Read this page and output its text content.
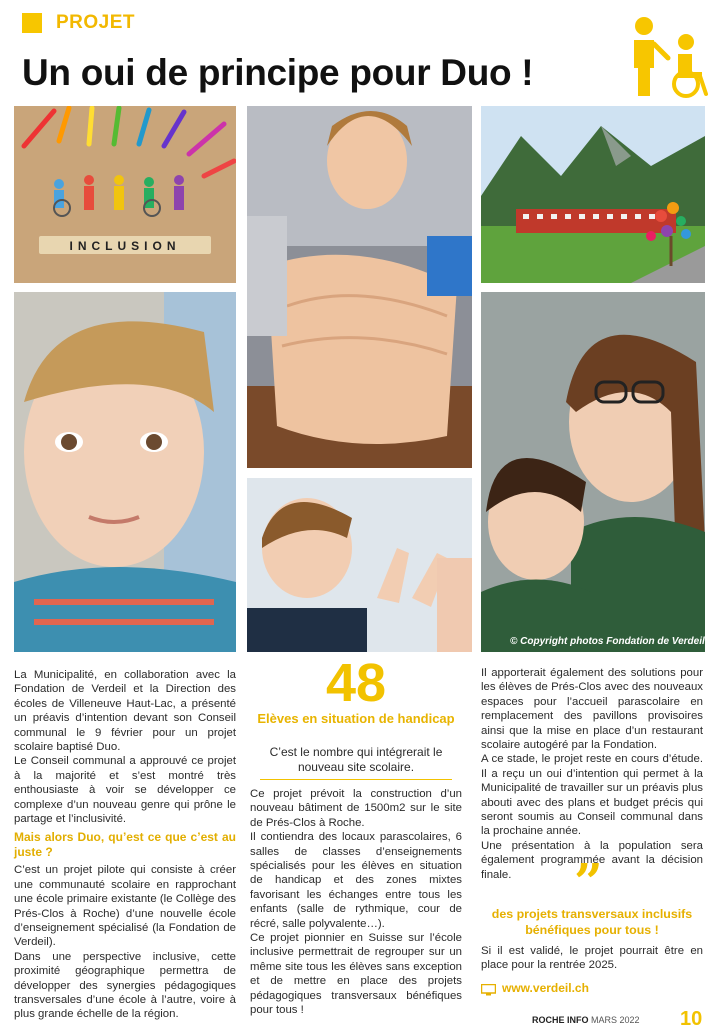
PROJET
Un oui de principe pour Duo !
INCLUSION
© Copyright photos Fondation de Verdeil

La Municipalité, en collaboration avec la Fondation de Verdeil et la Direction des écoles de Villeneuve Haut-Lac, a présenté un préavis d’intention devant son Conseil communal le 9 février pour un projet scolaire baptisé Duo.

Le Conseil communal a approuvé ce projet à la majorité et s’est montré très enthousiaste à voir se développer ce complexe d’un nouveau genre qui prône le partage et l’inclusivité.

Mais alors Duo, qu’est ce que c’est au juste ?

C’est un projet pilote qui consiste à créer une communauté scolaire en rapprochant une école primaire existante (le Collège des Prés-Clos à Roche) d’une nouvelle école d’enseignement spécialisé (la Fondation de Verdeil).

Dans une perspective inclusive, cette proximité géographique permettra de développer des synergies pédagogiques transversales d’une école à l’autre, voire à plus grande échelle de la région.

48
Elèves en situation de handicap
C’est le nombre qui intégrerait le nouveau site scolaire.

Ce projet prévoit la construction d’un nouveau bâtiment de 1500m2 sur le site de Prés-Clos à Roche.

Il contiendra des locaux parascolaires, 6 salles de classes d’enseignements spécialisés pour les élèves en situation de handicap et des zones mixtes favorisant les échanges entre tous les enfants (salle de rythmique, cour de récré, salle polyvalente…).

Ce projet pionnier en Suisse sur l’école inclusive permettrait de regrouper sur un même site tous les élèves sans exception et de mettre en place des projets pédagogiques transversaux bénéfiques pour tous !

Il apporterait également des solutions pour les élèves de Prés-Clos avec des nouveaux espaces pour l’accueil parascolaire en remplacement des pavillons provisoires ainsi que la mise en place d’un restaurant scolaire autogéré par la Fondation.

A ce stade, le projet reste en cours d’étude. Il a reçu un oui d’intention qui permet à la Municipalité de travailler sur un préavis plus abouti avec des plans et budget précis qui seront soumis au Conseil communal dans la prochaine année.

Une présentation à la population sera également programmée avant la décision finale.	”
des projets transversaux inclusifs bénéfiques pour tous !
Si il est validé, le projet pourrait être en place pour la rentrée 2025.
www.verdeil.ch
ROCHE INFO MARS 2022 10
